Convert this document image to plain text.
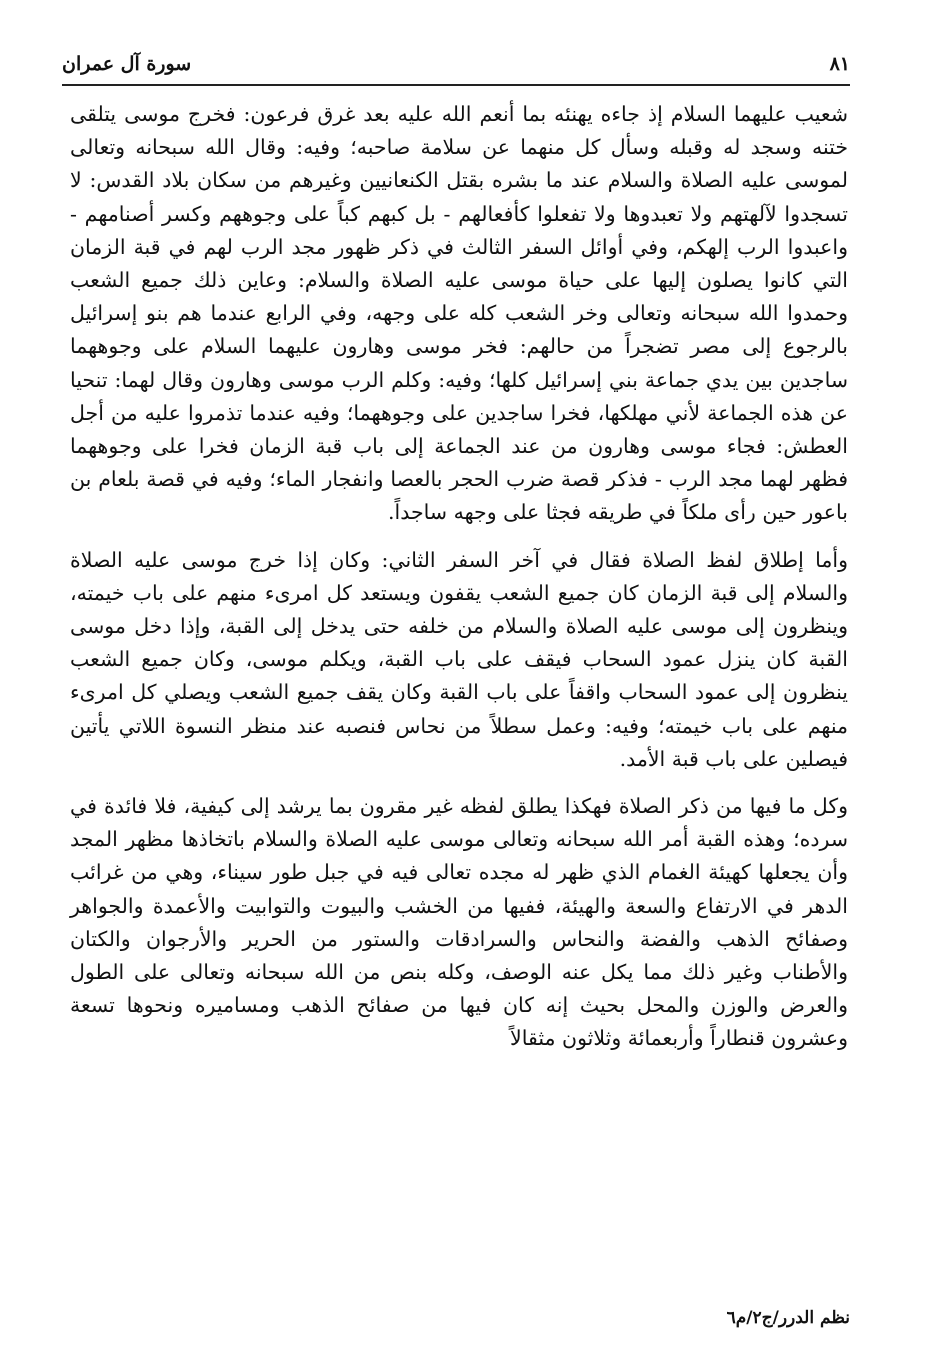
سورة آل عمران	٨١

شعيب عليهما السلام إذ جاءه يهنئه بما أنعم الله عليه بعد غرق فرعون: فخرج موسى يتلقى ختنه وسجد له وقبله وسأل كل منهما عن سلامة صاحبه؛ وفيه: وقال الله سبحانه وتعالى لموسى عليه الصلاة والسلام عند ما بشره بقتل الكنعانيين وغيرهم من سكان بلاد القدس: لا تسجدوا لآلهتهم ولا تعبدوها ولا تفعلوا كأفعالهم - بل كبهم كباً على وجوههم وكسر أصنامهم - واعبدوا الرب إلهكم، وفي أوائل السفر الثالث في ذكر ظهور مجد الرب لهم في قبة الزمان التي كانوا يصلون إليها على حياة موسى عليه الصلاة والسلام: وعاين ذلك جميع الشعب وحمدوا الله سبحانه وتعالى وخر الشعب كله على وجهه، وفي الرابع عندما هم بنو إسرائيل بالرجوع إلى مصر تضجراً من حالهم: فخر موسى وهارون عليهما السلام على وجوههما ساجدين بين يدي جماعة بني إسرائيل كلها؛ وفيه: وكلم الرب موسى وهارون وقال لهما: تنحيا عن هذه الجماعة لأني مهلكها، فخرا ساجدين على وجوههما؛ وفيه عندما تذمروا عليه من أجل العطش: فجاء موسى وهارون من عند الجماعة إلى باب قبة الزمان فخرا على وجوههما فظهر لهما مجد الرب - فذكر قصة ضرب الحجر بالعصا وانفجار الماء؛ وفيه في قصة بلعام بن باعور حين رأى ملكاً في طريقه فجثا على وجهه ساجداً.

وأما إطلاق لفظ الصلاة فقال في آخر السفر الثاني: وكان إذا خرج موسى عليه الصلاة والسلام إلى قبة الزمان كان جميع الشعب يقفون ويستعد كل امرىء منهم على باب خيمته، وينظرون إلى موسى عليه الصلاة والسلام من خلفه حتى يدخل إلى القبة، وإذا دخل موسى القبة كان ينزل عمود السحاب فيقف على باب القبة، ويكلم موسى، وكان جميع الشعب ينظرون إلى عمود السحاب واقفاً على باب القبة وكان يقف جميع الشعب ويصلي كل امرىء منهم على باب خيمته؛ وفيه: وعمل سطلاً من نحاس فنصبه عند منظر النسوة اللاتي يأتين فيصلين على باب قبة الأمد.

وكل ما فيها من ذكر الصلاة فهكذا يطلق لفظه غير مقرون بما يرشد إلى كيفية، فلا فائدة في سرده؛ وهذه القبة أمر الله سبحانه وتعالى موسى عليه الصلاة والسلام باتخاذها مظهر المجد وأن يجعلها كهيئة الغمام الذي ظهر له مجده تعالى فيه في جبل طور سيناء، وهي من غرائب الدهر في الارتفاع والسعة والهيئة، ففيها من الخشب والبيوت والتوابيت والأعمدة والجواهر وصفائح الذهب والفضة والنحاس والسرادقات والستور من الحرير والأرجوان والكتان والأطناب وغير ذلك مما يكل عنه الوصف، وكله بنص من الله سبحانه وتعالى على الطول والعرض والوزن والمحل بحيث إنه كان فيها من صفائح الذهب ومساميره ونحوها تسعة وعشرون قنطاراً وأربعمائة وثلاثون مثقالاً

نظم الدرر/ج٢/م٦
